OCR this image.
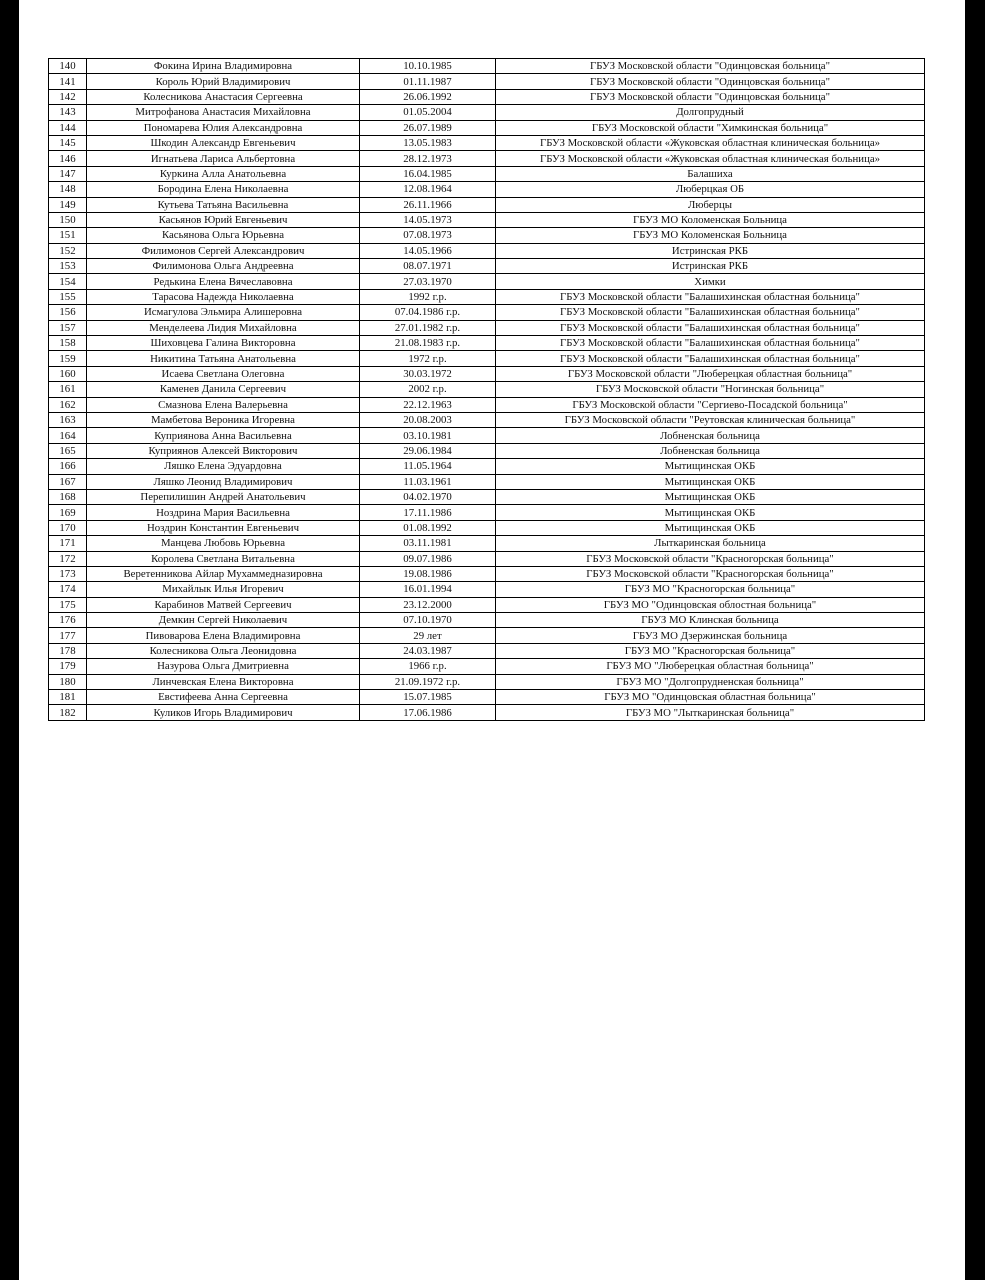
140	Фокина Ирина Владимировна	10.10.1985	ГБУЗ Московской области "Одинцовская больница"
141	Король Юрий Владимирович	01.11.1987	ГБУЗ Московской области "Одинцовская больница"
142	Колесникова Анастасия Сергеевна	26.06.1992	ГБУЗ Московской области "Одинцовская больница"
143	Митрофанова Анастасия Михайловна	01.05.2004	Долгопрудный
144	Пономарева Юлия Александровна	26.07.1989	ГБУЗ Московской области "Химкинская больница"
145	Шкодин Александр Евгеньевич	13.05.1983	ГБУЗ Московской области «Жуковская областная клиническая больница»
146	Игнатьева Лариса Альбертовна	28.12.1973	ГБУЗ Московской области «Жуковская областная клиническая больница»
147	Куркина Алла Анатольевна	16.04.1985	Балашиха
148	Бородина Елена Николаевна	12.08.1964	Люберцкая ОБ
149	Кутьева Татьяна Васильевна	26.11.1966	Люберцы
150	Касьянов Юрий Евгеньевич	14.05.1973	ГБУЗ МО Коломенская Больница
151	Касьянова Ольга Юрьевна	07.08.1973	ГБУЗ МО Коломенская Больница
152	Филимонов Сергей Александрович	14.05.1966	Истринская РКБ
153	Филимонова Ольга Андреевна	08.07.1971	Истринская РКБ
154	Редькина Елена Вячеславовна	27.03.1970	Химки
155	Тарасова Надежда Николаевна	1992 г.р.	ГБУЗ Московской области "Балашихинская областная больница"
156	Исмагулова Эльмира Алишеровна	07.04.1986 г.р.	ГБУЗ Московской области "Балашихинская областная больница"
157	Менделеева Лидия Михайловна	27.01.1982 г.р.	ГБУЗ Московской области "Балашихинская областная больница"
158	Шиховцева Галина Викторовна	21.08.1983 г.р.	ГБУЗ Московской области "Балашихинская областная больница"
159	Никитина Татьяна Анатольевна	1972 г.р.	ГБУЗ Московской области "Балашихинская областная больница"
160	Исаева Светлана Олеговна	30.03.1972	ГБУЗ Московской области "Люберецкая областная больница"
161	Каменев Данила Сергеевич	2002 г.р.	ГБУЗ Московской области "Ногинская больница"
162	Смазнова Елена Валерьевна	22.12.1963	ГБУЗ Московской области "Сергиево-Посадской больница"
163	Мамбетова Вероника Игоревна	20.08.2003	ГБУЗ Московской области "Реутовская клиническая больница"
164	Куприянова Анна Васильевна	03.10.1981	Лобненская больница
165	Куприянов Алексей Викторович	29.06.1984	Лобненская больница
166	Ляшко Елена Эдуардовна	11.05.1964	Мытищинская ОКБ
167	Ляшко Леонид Владимирович	11.03.1961	Мытищинская ОКБ
168	Перепилишин Андрей Анатольевич	04.02.1970	Мытищинская ОКБ
169	Ноздрина Мария Васильевна	17.11.1986	Мытищинская ОКБ
170	Ноздрин Константин Евгеньевич	01.08.1992	Мытищинская ОКБ
171	Манцева Любовь Юрьевна	03.11.1981	Лыткаринская больница
172	Королева Светлана Витальевна	09.07.1986	ГБУЗ Московской области "Красногорская больница"
173	Веретенникова Айлар Мухаммедназировна	19.08.1986	ГБУЗ Московской области "Красногорская больница"
174	Михайлык Илья Игоревич	16.01.1994	ГБУЗ МО "Красногорская больница"
175	Карабинов Матвей Сергеевич	23.12.2000	ГБУЗ МО "Одинцовская облостная больница"
176	Демкин Сергей Николаевич	07.10.1970	ГБУЗ МО Клинская больница
177	Пивоварова Елена Владимировна	29 лет	ГБУЗ МО Дзержинская больница
178	Колесникова Ольга Леонидовна	24.03.1987	ГБУЗ МО "Красногорская больница"
179	Назурова Ольга Дмитриевна	1966 г.р.	ГБУЗ МО "Люберецкая областная больница"
180	Линчевская Елена Викторовна	21.09.1972 г.р.	ГБУЗ МО "Долгопрудненская больница"
181	Евстифеева Анна Сергеевна	15.07.1985	ГБУЗ МО "Одинцовская областная больница"
182	Куликов Игорь Владимирович	17.06.1986	ГБУЗ МО "Лыткаринская больница"
